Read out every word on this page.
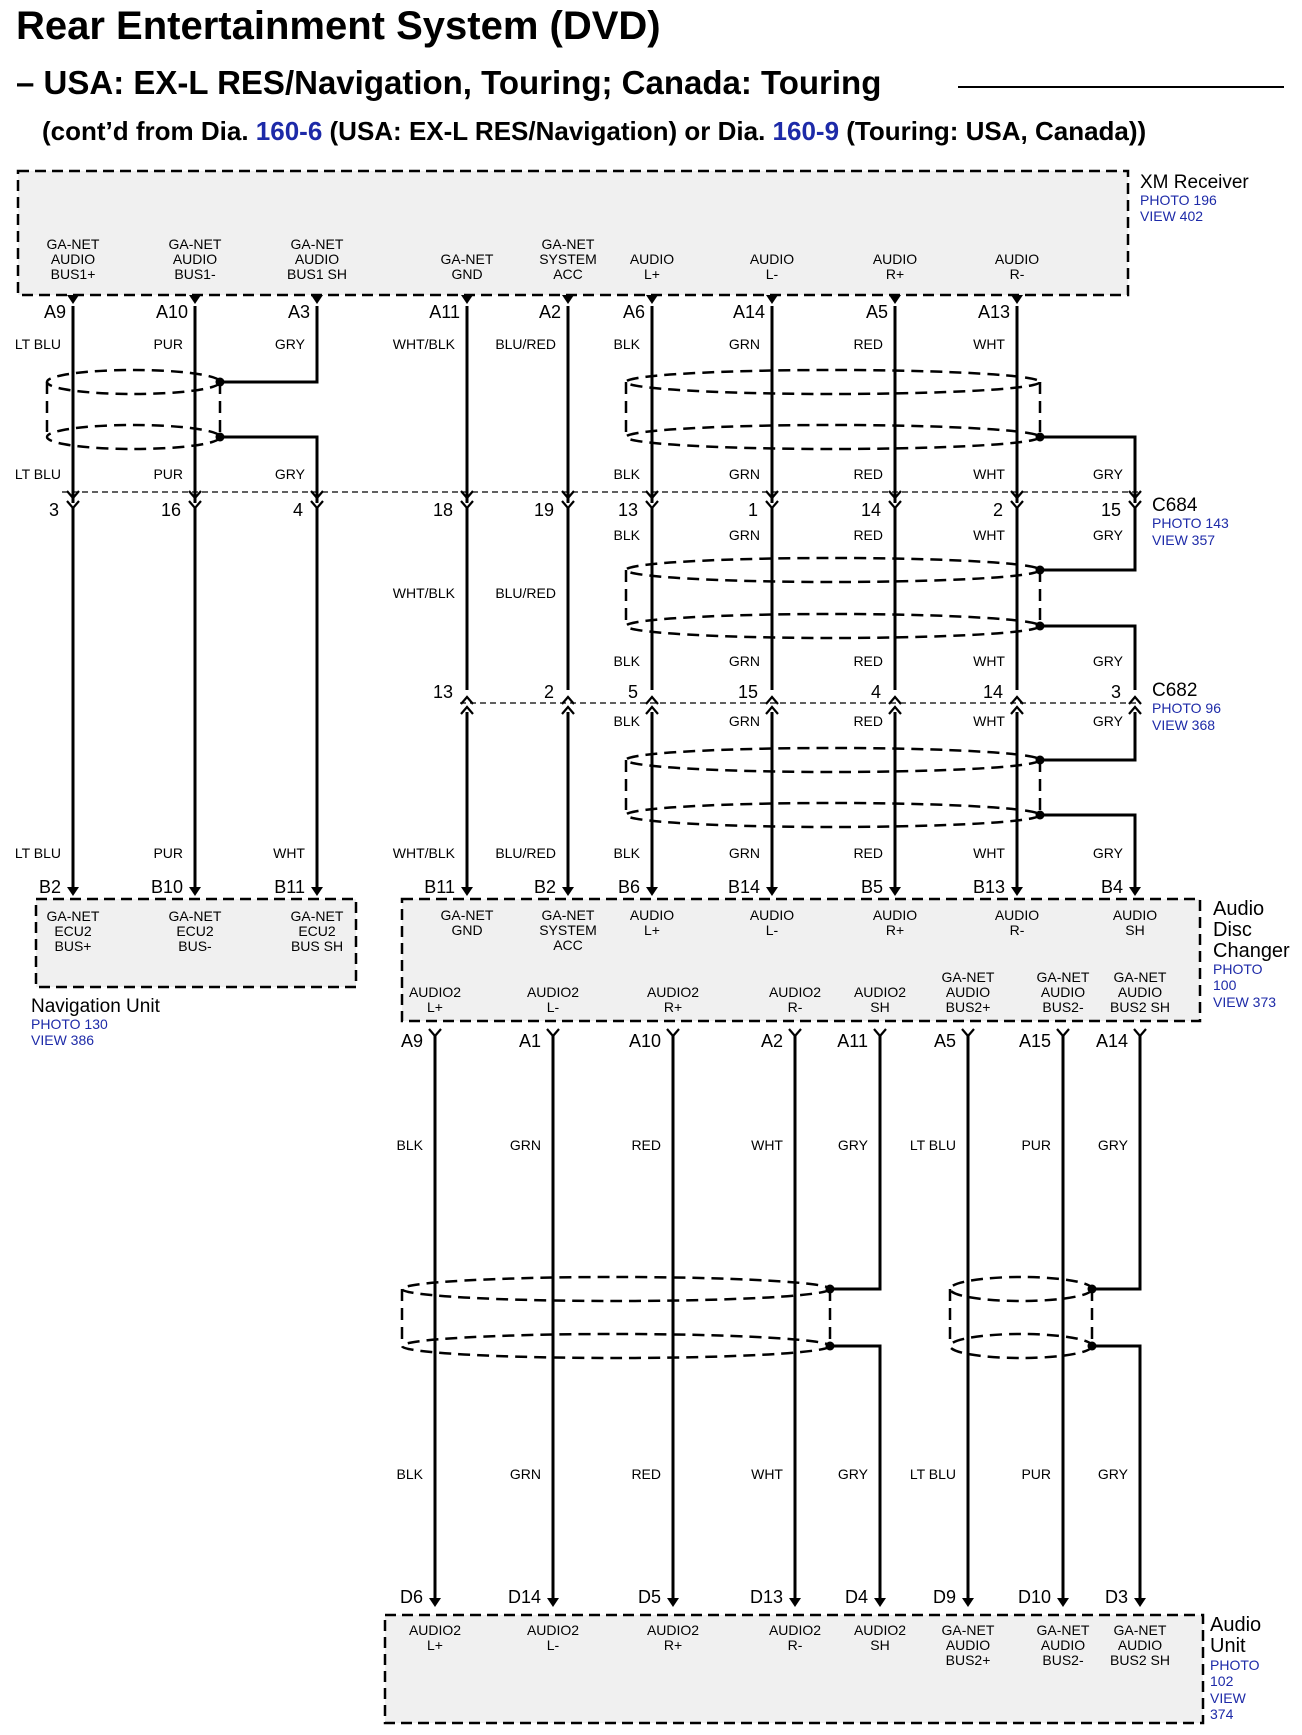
Rear Entertainment System (DVD)
– USA: EX-L RES/Navigation, Touring; Canada: Touring
(cont’d from Dia. 160-6 (USA: EX-L RES/Navigation) or Dia. 160-9 (Touring: USA, Canada))
XM Receiver
PHOTO 196
VIEW 402
Navigation Unit
PHOTO 130
VIEW 386
Audio
Disc
Changer
PHOTO
100
VIEW 373
Audio
Unit
PHOTO
102
VIEW
374
GA-NET
AUDIO
BUS1+
A9
LT BLU
GA-NET
AUDIO
BUS1-
A10
PUR
GA-NET
AUDIO
BUS1 SH
A3
GRY
GA-NET
GND
A11
WHT/BLK
GA-NET
SYSTEM
ACC
A2
BLU/RED
AUDIO
L+
A6
BLK
AUDIO
L-
A14
GRN
AUDIO
R+
A5
RED
AUDIO
R-
A13
WHT
LT BLU	PUR	GRY	BLK	GRN	RED	WHT	GRY
3	16	4	18	19	13	1	14	2	15 C684
PHOTO 143
VIEW 357
BLK	GRN	RED	WHT	GRY
WHT/BLK	BLU/RED
BLK	GRN	RED	WHT	GRY
13	2	5	15	4	14	3 C682
PHOTO 96
VIEW 368
BLK	GRN	RED	WHT	GRY
LT BLU	PUR	WHT	WHT/BLK	BLU/RED	BLK	GRN	RED	WHT	GRY
B2
GA-NET
ECU2
BUS+
B10
GA-NET
ECU2
BUS-
B11
GA-NET
ECU2
BUS SH
B11
GA-NET
GND
B2
GA-NET
SYSTEM
ACC
B6
AUDIO
L+
B14
AUDIO
L-
B5
AUDIO
R+
B13
AUDIO
R-
B4
AUDIO
SH
AUDIO2
L+
A9
AUDIO2
L-
A1
AUDIO2
R+
A10
AUDIO2
R-
A2
AUDIO2
SH
A11
GA-NET
AUDIO
BUS2+
A5
GA-NET
AUDIO
BUS2-
A15
GA-NET
AUDIO
BUS2 SH
A14
BLK	GRN	RED	WHT	GRY	LT BLU	PUR	GRY
BLK	GRN	RED	WHT	GRY	LT BLU	PUR	GRY
D6
AUDIO2
L+
D14
AUDIO2
L-
D5
AUDIO2
R+
D13
AUDIO2
R-
D4
AUDIO2
SH
D9
GA-NET
AUDIO
BUS2+
D10
GA-NET
AUDIO
BUS2-
D3
GA-NET
AUDIO
BUS2 SH
